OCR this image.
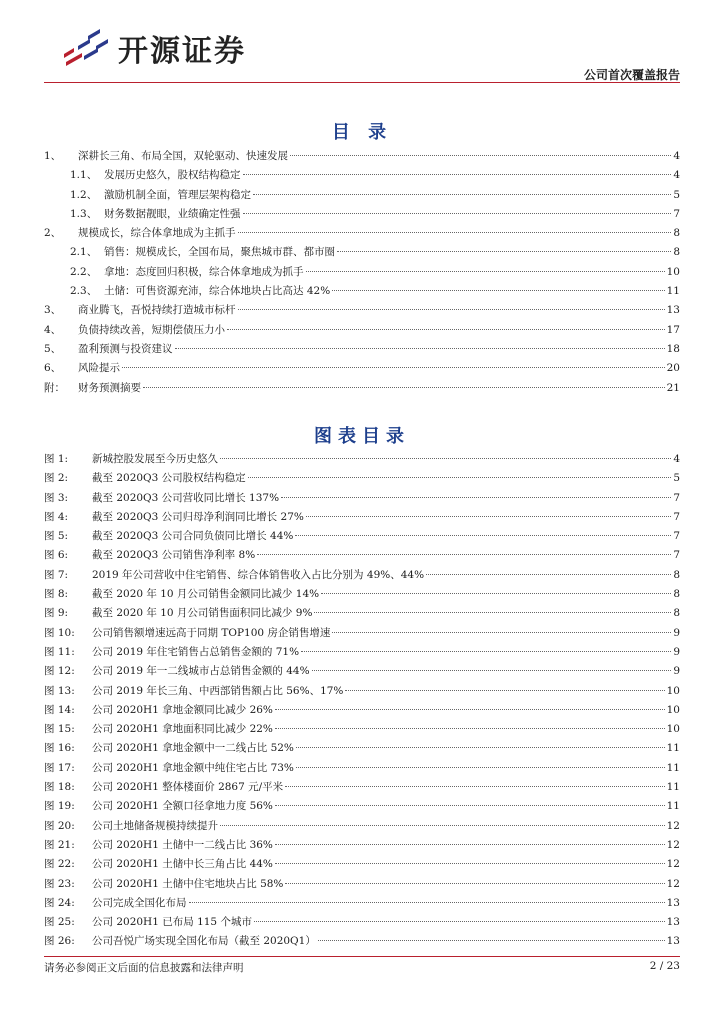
开源证券
公司首次覆盖报告
目 录
1、	深耕长三角、布局全国，双轮驱动、快速发展	4
1.1、 发展历史悠久，股权结构稳定	4
1.2、 激励机制全面，管理层架构稳定	5
1.3、 财务数据靓眼，业绩确定性强	7
2、	规模成长，综合体拿地成为主抓手	8
2.1、 销售：规模成长，全国布局，聚焦城市群、都市圈	8
2.2、 拿地：态度回归积极，综合体拿地成为抓手	10
2.3、 土储：可售资源充沛，综合体地块占比高达 42%	11
3、	商业腾飞，吾悦持续打造城市标杆	13
4、	负债持续改善，短期偿债压力小	17
5、	盈利预测与投资建议	18
6、	风险提示	20
附：	财务预测摘要	21
图表目录
图 1:	新城控股发展至今历史悠久	4
图 2:	截至 2020Q3 公司股权结构稳定	5
图 3:	截至 2020Q3 公司营收同比增长 137%	7
图 4:	截至 2020Q3 公司归母净利润同比增长 27%	7
图 5:	截至 2020Q3 公司合同负债同比增长 44%	7
图 6:	截至 2020Q3 公司销售净利率 8%	7
图 7:	2019 年公司营收中住宅销售、综合体销售收入占比分别为 49%、44%	8
图 8:	截至 2020 年 10 月公司销售金额同比减少 14%	8
图 9:	截至 2020 年 10 月公司销售面积同比减少 9%	8
图 10:	公司销售额增速远高于同期 TOP100 房企销售增速	9
图 11:	公司 2019 年住宅销售占总销售金额的 71%	9
图 12:	公司 2019 年一二线城市占总销售金额的 44%	9
图 13:	公司 2019 年长三角、中西部销售额占比 56%、17%	10
图 14:	公司 2020H1 拿地金额同比减少 26%	10
图 15:	公司 2020H1 拿地面积同比减少 22%	10
图 16:	公司 2020H1 拿地金额中一二线占比 52%	11
图 17:	公司 2020H1 拿地金额中纯住宅占比 73%	11
图 18:	公司 2020H1 整体楼面价 2867 元/平米	11
图 19:	公司 2020H1 全额口径拿地力度 56%	11
图 20:	公司土地储备规模持续提升	12
图 21:	公司 2020H1 土储中一二线占比 36%	12
图 22:	公司 2020H1 土储中长三角占比 44%	12
图 23:	公司 2020H1 土储中住宅地块占比 58%	12
图 24:	公司完成全国化布局	13
图 25:	公司 2020H1 已布局 115 个城市	13
图 26:	公司吾悦广场实现全国化布局（截至 2020Q1）	13
请务必参阅正文后面的信息披露和法律声明	2 / 23
